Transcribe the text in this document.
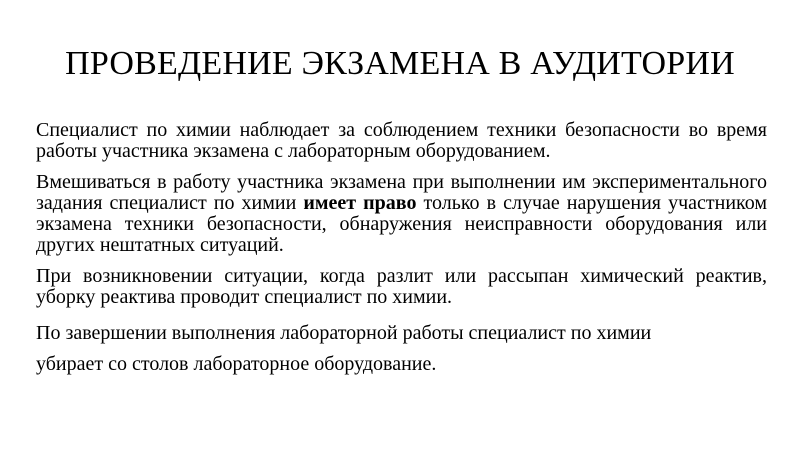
ПРОВЕДЕНИЕ ЭКЗАМЕНА В АУДИТОРИИ

Специалист по химии наблюдает за соблюдением техники безопасности во время работы участника экзамена с лабораторным оборудованием.

Вмешиваться в работу участника экзамена при выполнении им экспериментального задания специалист по химии имеет право только в случае нарушения участником экзамена техники безопасности, обнаружения неисправности оборудования или других нештатных ситуаций.

При возникновении ситуации, когда разлит или рассыпан химический реактив, уборку реактива проводит специалист по химии.

По завершении выполнения лабораторной работы специалист по химии
убирает со столов лабораторное оборудование.
